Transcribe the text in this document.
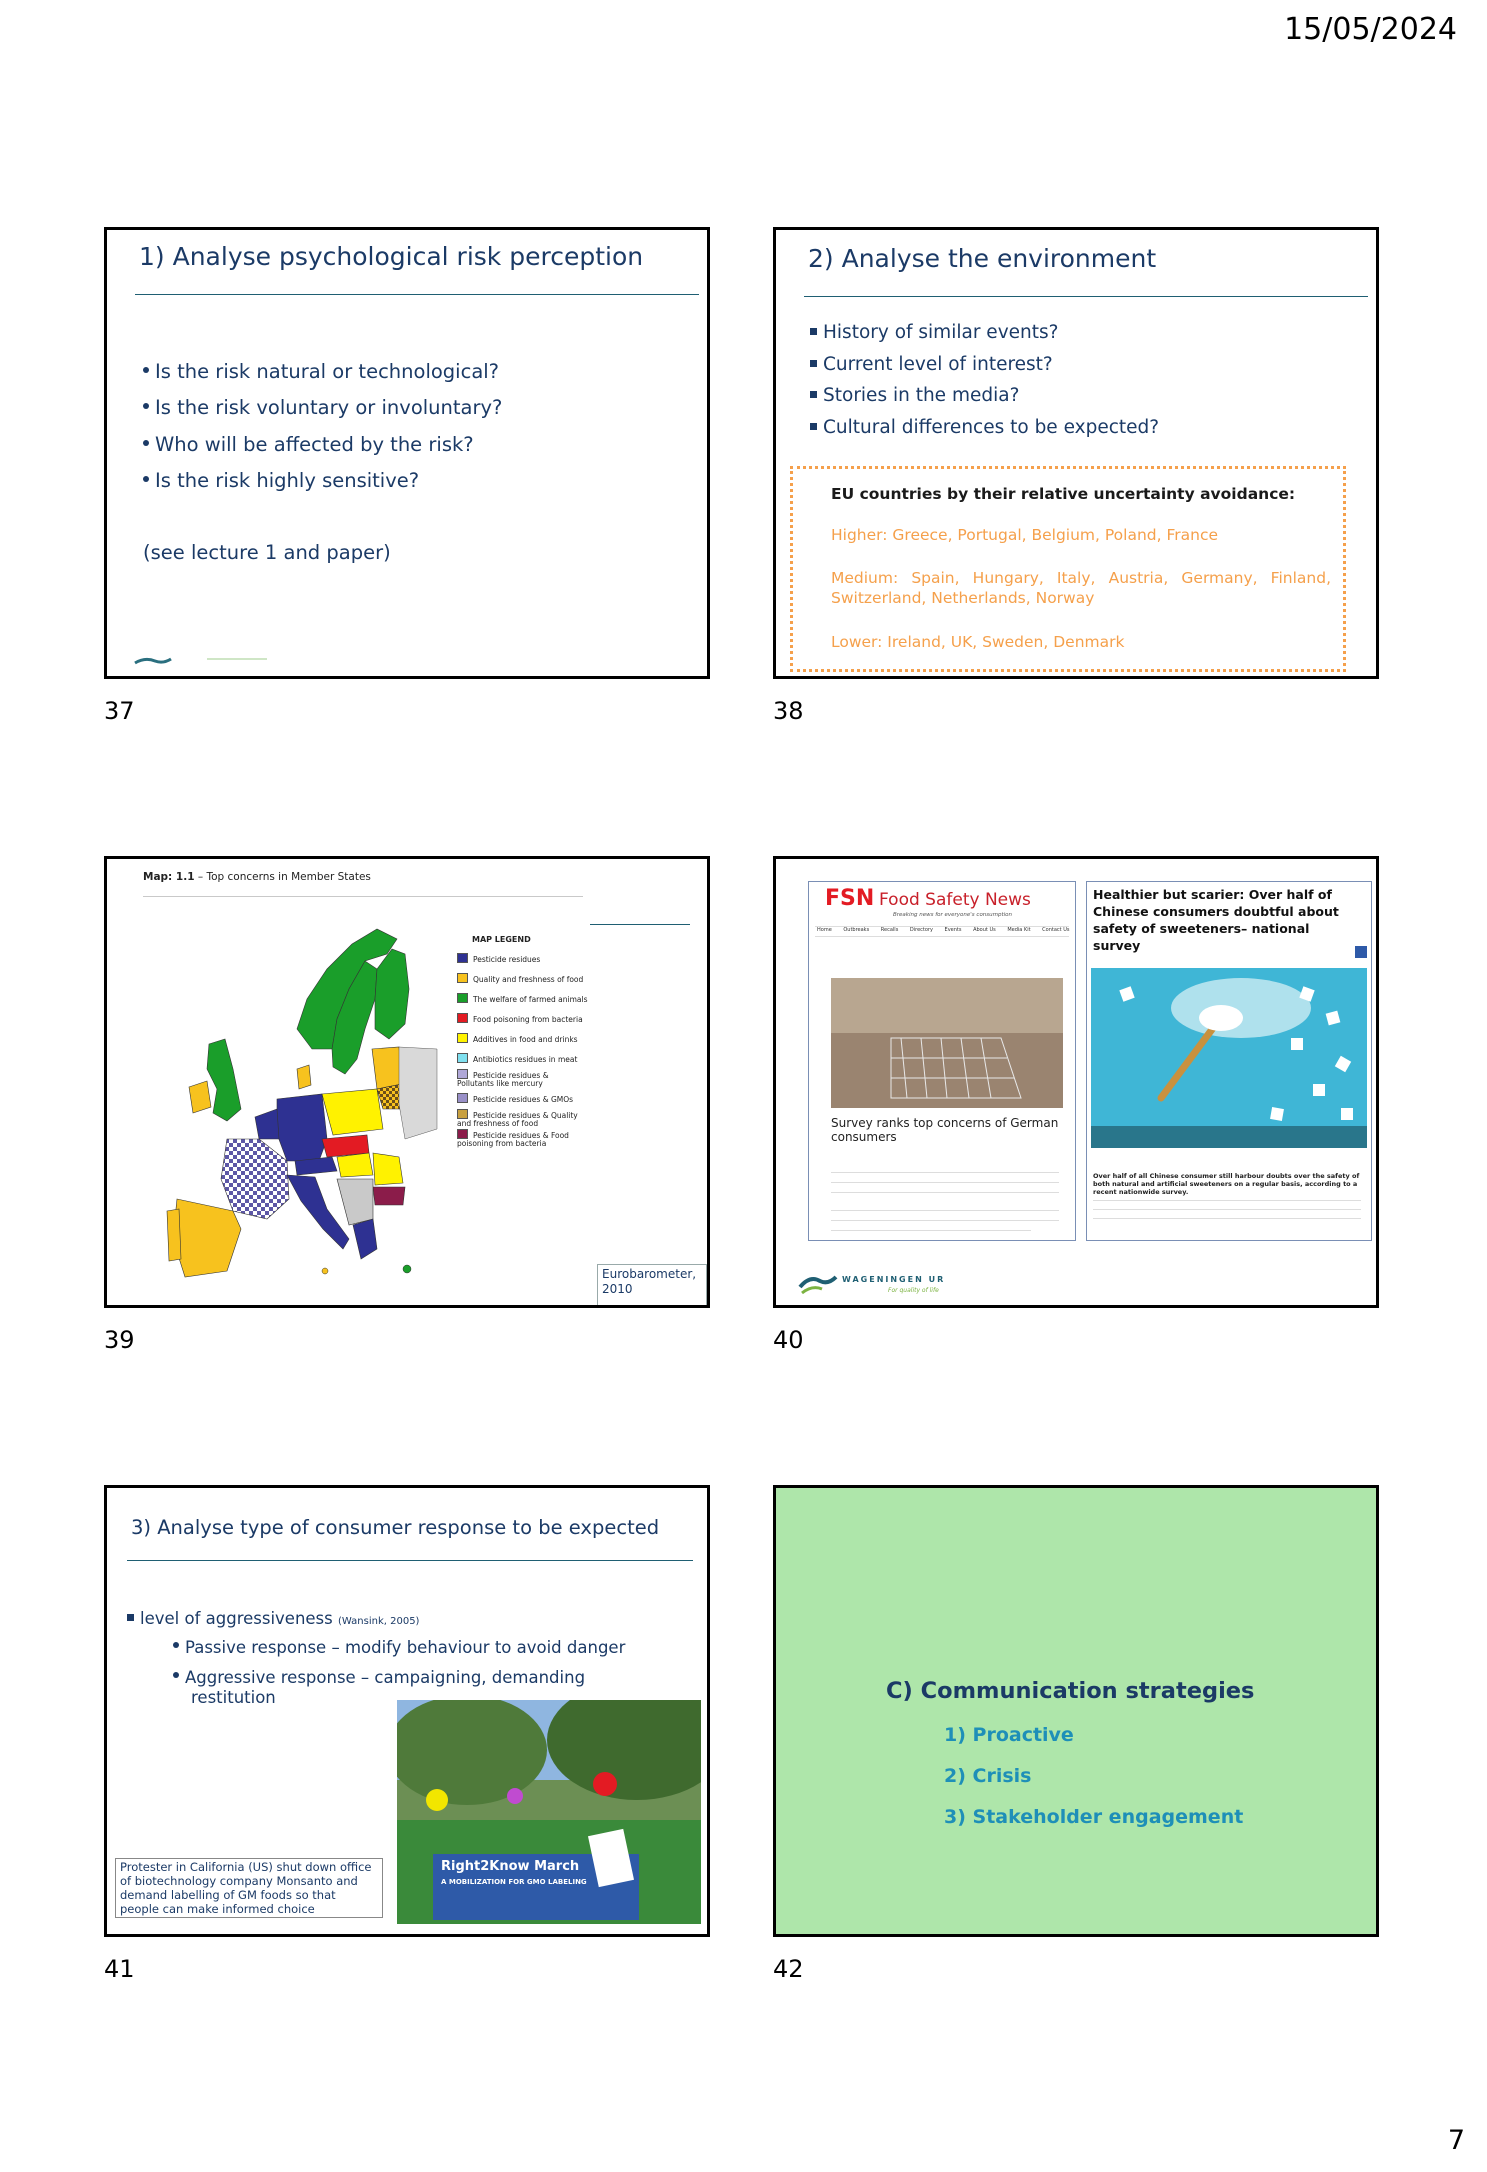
15/05/2024
1) Analyse psychological risk perception
Is the risk natural or technological?
Is the risk voluntary or involuntary?
Who will be affected by the risk?
Is the risk highly sensitive?
(see lecture 1 and paper)
37
2) Analyse the environment
History of similar events?
Current level of interest?
Stories in the media?
Cultural differences to be expected?
EU countries by their relative uncertainty avoidance:
Higher: Greece, Portugal, Belgium, Poland, France
Medium: Spain, Hungary, Italy, Austria, Germany, Finland, Switzerland, Netherlands, Norway
Lower: Ireland, UK, Sweden, Denmark
38
Map: 1.1 – Top concerns in Member States
MAP LEGEND
Pesticide residues
Quality and freshness of food
The welfare of farmed animals
Food poisoning from bacteria
Additives in food and drinks
Antibiotics residues in meat
Pesticide residues & Pollutants like mercury
Pesticide residues & GMOs
Pesticide residues & Quality and freshness of food
Pesticide residues & Food poisoning from bacteria
Eurobarometer, 2010
39
FSN Food Safety News
Breaking news for everyone's consumption
Home Outbreaks Recalls Directory Events About Us Media Kit Contact Us
Survey ranks top concerns of German consumers
Healthier but scarier: Over half of Chinese consumers doubtful about safety of sweeteners– national survey
Over half of all Chinese consumer still harbour doubts over the safety of both natural and artificial sweeteners on a regular basis, according to a recent nationwide survey.
WAGENINGEN UR
For quality of life
40
3) Analyse type of consumer response to be expected
level of aggressiveness (Wansink, 2005)
Passive response – modify behaviour to avoid danger
Aggressive response – campaigning, demanding
restitution
Right2Know March
A MOBILIZATION FOR GMO LABELING
Protester in California (US) shut down office of biotechnology company Monsanto and demand labelling of GM foods so that people can make informed choice
41
C) Communication strategies
1) Proactive
2) Crisis
3) Stakeholder engagement
42
7
